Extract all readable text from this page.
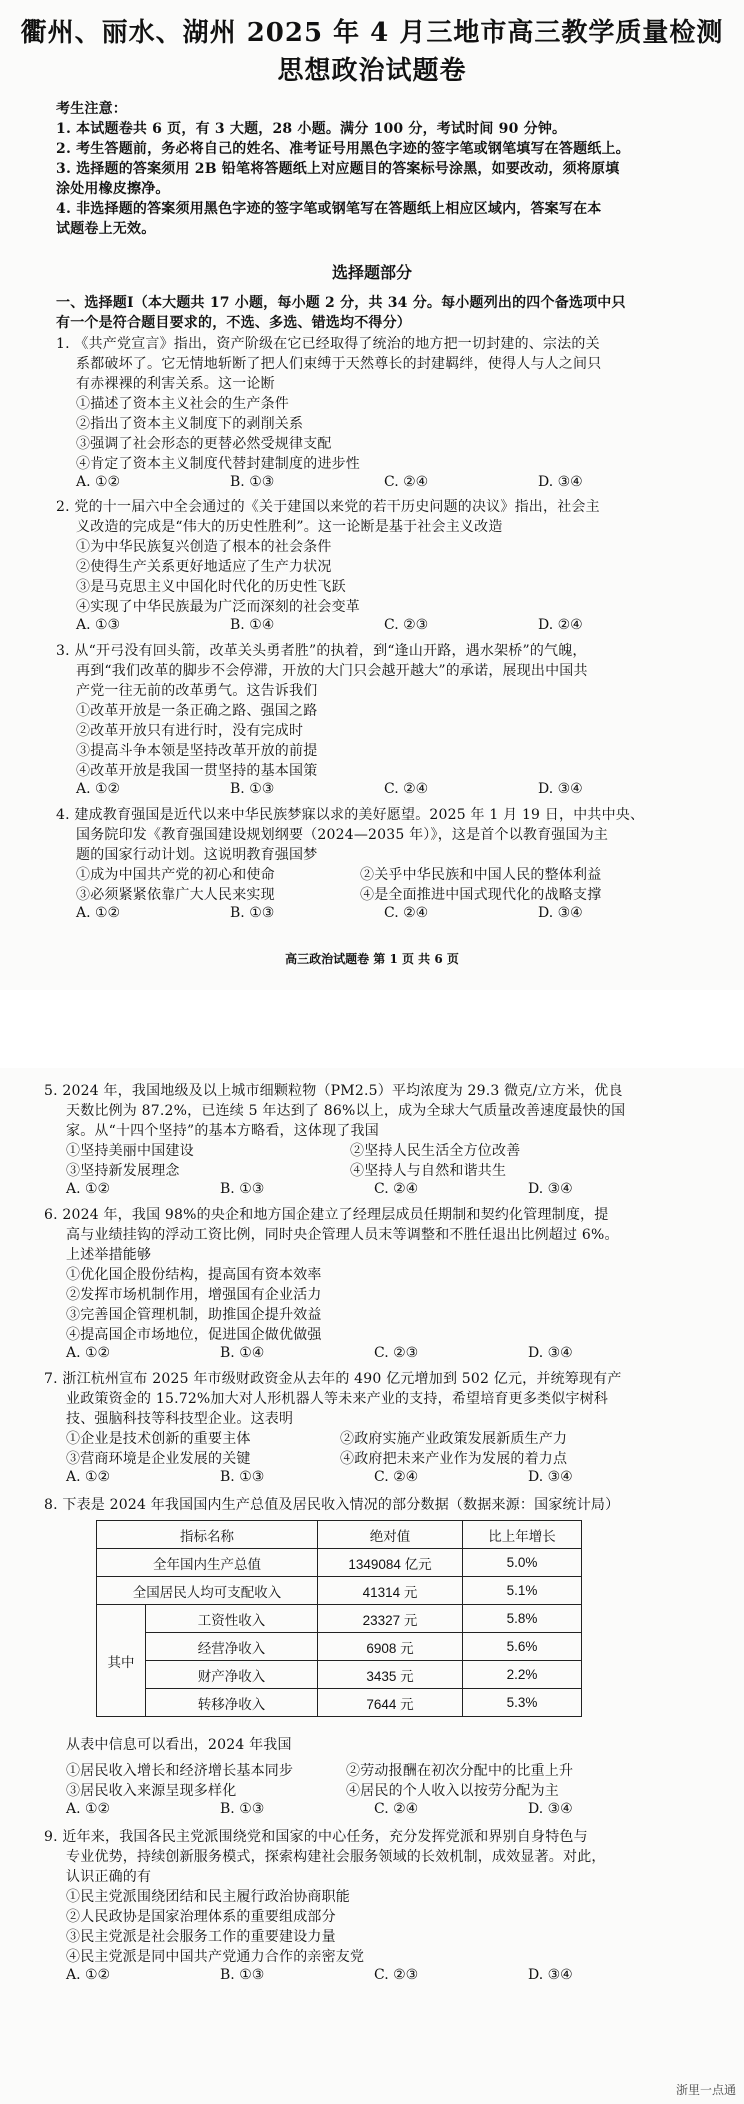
衢州、丽水、湖州 2025 年 4 月三地市高三教学质量检测
思想政治试题卷
考生注意：
1. 本试题卷共 6 页，有 3 大题，28 小题。满分 100 分，考试时间 90 分钟。
2. 考生答题前，务必将自己的姓名、准考证号用黑色字迹的签字笔或钢笔填写在答题纸上。
3. 选择题的答案须用 2B 铅笔将答题纸上对应题目的答案标号涂黑，如要改动，须将原填
涂处用橡皮擦净。
4. 非选择题的答案须用黑色字迹的签字笔或钢笔写在答题纸上相应区域内，答案写在本
试题卷上无效。
选择题部分
一、选择题Ⅰ（本大题共 17 小题，每小题 2 分，共 34 分。每小题列出的四个备选项中只
有一个是符合题目要求的，不选、多选、错选均不得分）
1. 《共产党宣言》指出，资产阶级在它已经取得了统治的地方把一切封建的、宗法的关
系都破坏了。它无情地斩断了把人们束缚于天然尊长的封建羁绊，使得人与人之间只
有赤裸裸的利害关系。这一论断
①描述了资本主义社会的生产条件
②指出了资本主义制度下的剥削关系
③强调了社会形态的更替必然受规律支配
④肯定了资本主义制度代替封建制度的进步性
A. ①②	B. ①③	C. ②④	D. ③④
2. 党的十一届六中全会通过的《关于建国以来党的若干历史问题的决议》指出，社会主
义改造的完成是“伟大的历史性胜利”。这一论断是基于社会主义改造
①为中华民族复兴创造了根本的社会条件
②使得生产关系更好地适应了生产力状况
③是马克思主义中国化时代化的历史性飞跃
④实现了中华民族最为广泛而深刻的社会变革
A. ①③	B. ①④	C. ②③	D. ②④
3. 从“开弓没有回头箭，改革关头勇者胜”的执着，到“逢山开路，遇水架桥”的气魄，
再到“我们改革的脚步不会停滞，开放的大门只会越开越大”的承诺，展现出中国共
产党一往无前的改革勇气。这告诉我们
①改革开放是一条正确之路、强国之路
②改革开放只有进行时，没有完成时
③提高斗争本领是坚持改革开放的前提
④改革开放是我国一贯坚持的基本国策
A. ①②	B. ①③	C. ②④	D. ③④
4. 建成教育强国是近代以来中华民族梦寐以求的美好愿望。2025 年 1 月 19 日，中共中央、
国务院印发《教育强国建设规划纲要（2024—2035 年）》，这是首个以教育强国为主
题的国家行动计划。这说明教育强国梦
①成为中国共产党的初心和使命	②关乎中华民族和中国人民的整体利益
③必须紧紧依靠广大人民来实现	④是全面推进中国式现代化的战略支撑
A. ①②	B. ①③	C. ②④	D. ③④
高三政治试题卷 第 1 页 共 6 页
5. 2024 年，我国地级及以上城市细颗粒物（PM2.5）平均浓度为 29.3 微克/立方米，优良
天数比例为 87.2%，已连续 5 年达到了 86%以上，成为全球大气质量改善速度最快的国
家。从“十四个坚持”的基本方略看，这体现了我国
①坚持美丽中国建设	②坚持人民生活全方位改善
③坚持新发展理念	④坚持人与自然和谐共生
A. ①②	B. ①③	C. ②④	D. ③④
6. 2024 年，我国 98%的央企和地方国企建立了经理层成员任期制和契约化管理制度，提
高与业绩挂钩的浮动工资比例，同时央企管理人员末等调整和不胜任退出比例超过 6%。
上述举措能够
①优化国企股份结构，提高国有资本效率
②发挥市场机制作用，增强国有企业活力
③完善国企管理机制，助推国企提升效益
④提高国企市场地位，促进国企做优做强
A. ①②	B. ①④	C. ②③	D. ③④
7. 浙江杭州宣布 2025 年市级财政资金从去年的 490 亿元增加到 502 亿元，并统筹现有产
业政策资金的 15.72%加大对人形机器人等未来产业的支持，希望培育更多类似宇树科
技、强脑科技等科技型企业。这表明
①企业是技术创新的重要主体	②政府实施产业政策发展新质生产力
③营商环境是企业发展的关键	④政府把未来产业作为发展的着力点
A. ①②	B. ①③	C. ②④	D. ③④
8. 下表是 2024 年我国国内生产总值及居民收入情况的部分数据（数据来源：国家统计局）
指标名称		绝对值	比上年增长
全年国内生产总值		1349084 亿元	5.0%
全国居民人均可支配收入		41314 元	5.1%
其中	工资性收入	23327 元	5.8%
	经营净收入	6908 元	5.6%
	财产净收入	3435 元	2.2%
	转移净收入	7644 元	5.3%
从表中信息可以看出，2024 年我国
①居民收入增长和经济增长基本同步	②劳动报酬在初次分配中的比重上升
③居民收入来源呈现多样化	④居民的个人收入以按劳分配为主
A. ①②	B. ①③	C. ②④	D. ③④
9. 近年来，我国各民主党派围绕党和国家的中心任务，充分发挥党派和界别自身特色与
专业优势，持续创新服务模式，探索构建社会服务领域的长效机制，成效显著。对此，
认识正确的有
①民主党派围绕团结和民主履行政治协商职能
②人民政协是国家治理体系的重要组成部分
③民主党派是社会服务工作的重要建设力量
④民主党派是同中国共产党通力合作的亲密友党
A. ①②	B. ①③	C. ②③	D. ③④
浙里一点通
